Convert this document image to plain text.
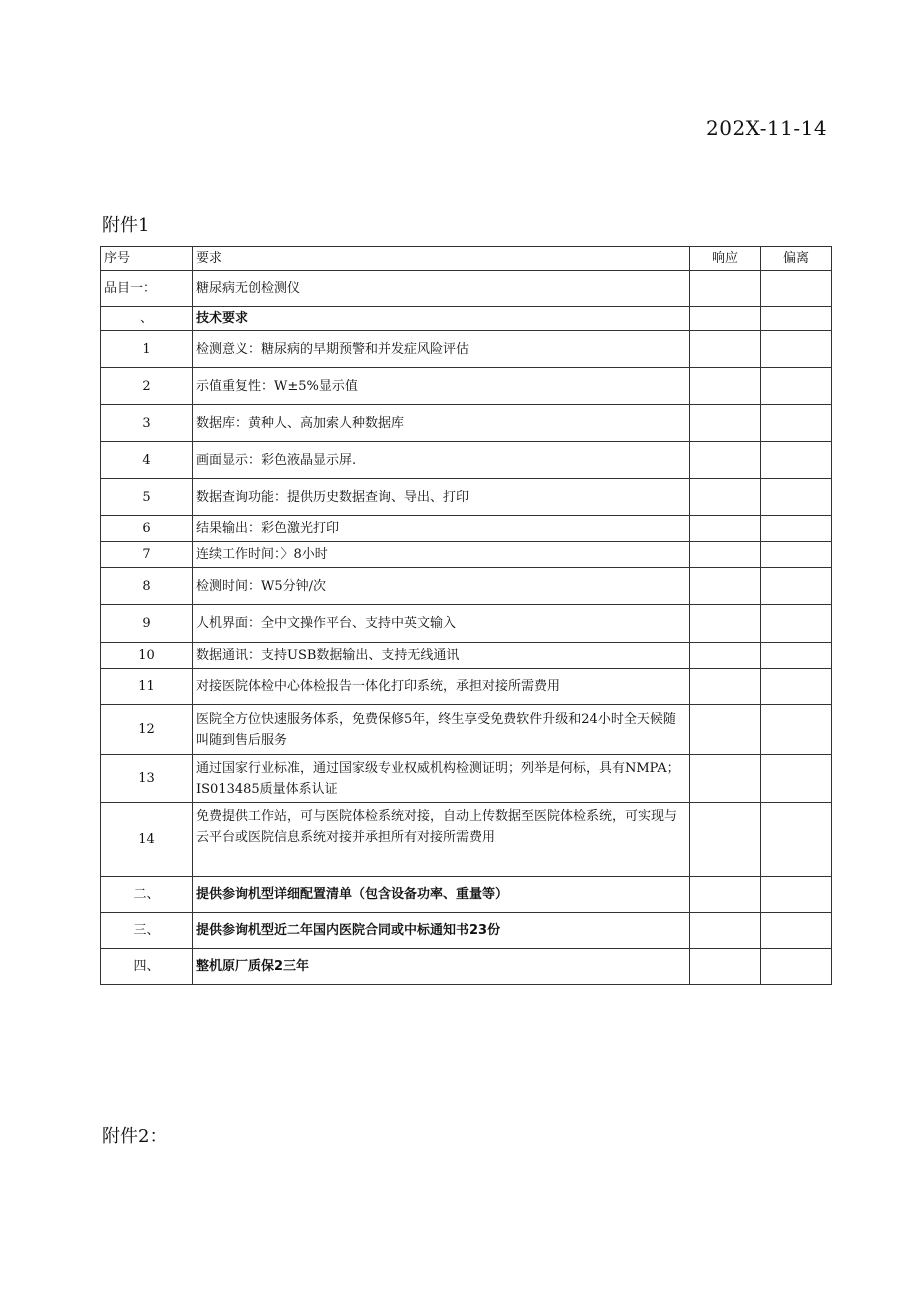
202X-11-14
附件1
序号	要求	响应	偏离
品目一：	糖尿病无创检测仪		
、	技术要求		
1	检测意义：糖尿病的早期预警和并发症风险评估		
2	示值重复性：W±5%显示值		
3	数据库：黄种人、高加索人种数据库		
4	画面显示：彩色液晶显示屏.		
5	数据查询功能：提供历史数据查询、导出、打印		
6	结果输出：彩色激光打印		
7	连续工作时间：〉8小时		
8	检测时间：W5分钟/次		
9	人机界面：全中文操作平台、支持中英文输入		
10	数据通讯：支持USB数据输出、支持无线通讯		
11	对接医院体检中心体检报告一体化打印系统，承担对接所需费用		
12	医院全方位快速服务体系，免费保修5年，终生享受免费软件升级和24小时全天候随叫随到售后服务		
13	通过国家行业标准，通过国家级专业权威机构检测证明；列举是何标，具有NMPA；IS013485质量体系认证		
14	免费提供工作站，可与医院体检系统对接，自动上传数据至医院体检系统，可实现与云平台或医院信息系统对接并承担所有对接所需费用		
二、	提供参询机型详细配置清单（包含设备功率、重量等）		
三、	提供参询机型近二年国内医院合同或中标通知书23份		
四、	整机原厂质保2三年		
附件2：
